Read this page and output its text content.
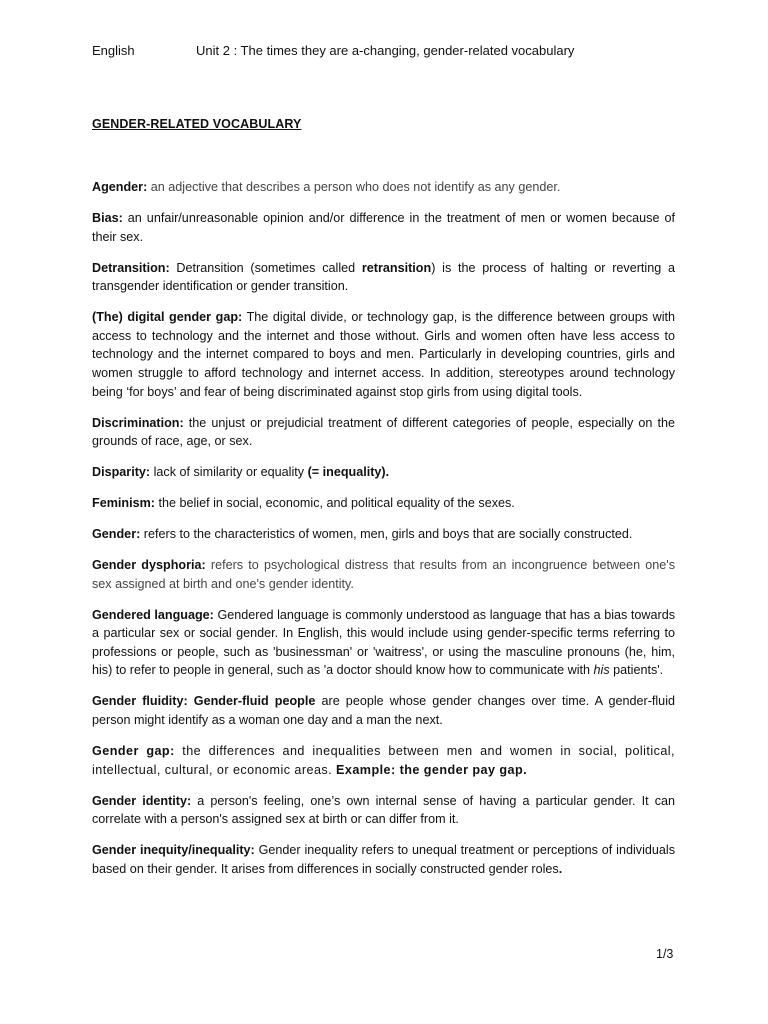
English	Unit 2 : The times they are a-changing, gender-related vocabulary
GENDER-RELATED VOCABULARY

Agender: an adjective that describes a person who does not identify as any gender.

Bias: an unfair/unreasonable opinion and/or difference in the treatment of men or women because of their sex.

Detransition: Detransition (sometimes called retransition) is the process of halting or reverting a transgender identification or gender transition.

(The) digital gender gap: The digital divide, or technology gap, is the difference between groups with access to technology and the internet and those without. Girls and women often have less access to technology and the internet compared to boys and men. Particularly in developing countries, girls and women struggle to afford technology and internet access. In addition, stereotypes around technology being ‘for boys’ and fear of being discriminated against stop girls from using digital tools.

Discrimination: the unjust or prejudicial treatment of different categories of people, especially on the grounds of race, age, or sex.

Disparity: lack of similarity or equality (= inequality).

Feminism: the belief in social, economic, and political equality of the sexes.

Gender: refers to the characteristics of women, men, girls and boys that are socially constructed.

Gender dysphoria: refers to psychological distress that results from an incongruence between one's sex assigned at birth and one's gender identity.

Gendered language: Gendered language is commonly understood as language that has a bias towards a particular sex or social gender. In English, this would include using gender-specific terms referring to professions or people, such as 'businessman' or 'waitress', or using the masculine pronouns (he, him, his) to refer to people in general, such as 'a doctor should know how to communicate with his patients'.

Gender fluidity: Gender-fluid people are people whose gender changes over time. A gender-fluid person might identify as a woman one day and a man the next.

Gender gap: the differences and inequalities between men and women in social, political, intellectual, cultural, or economic areas. Example: the gender pay gap.

Gender identity: a person's feeling, one’s own internal sense of having a particular gender. It can correlate with a person's assigned sex at birth or can differ from it.

Gender inequity/inequality: Gender inequality refers to unequal treatment or perceptions of individuals based on their gender. It arises from differences in socially constructed gender roles.

1/3
